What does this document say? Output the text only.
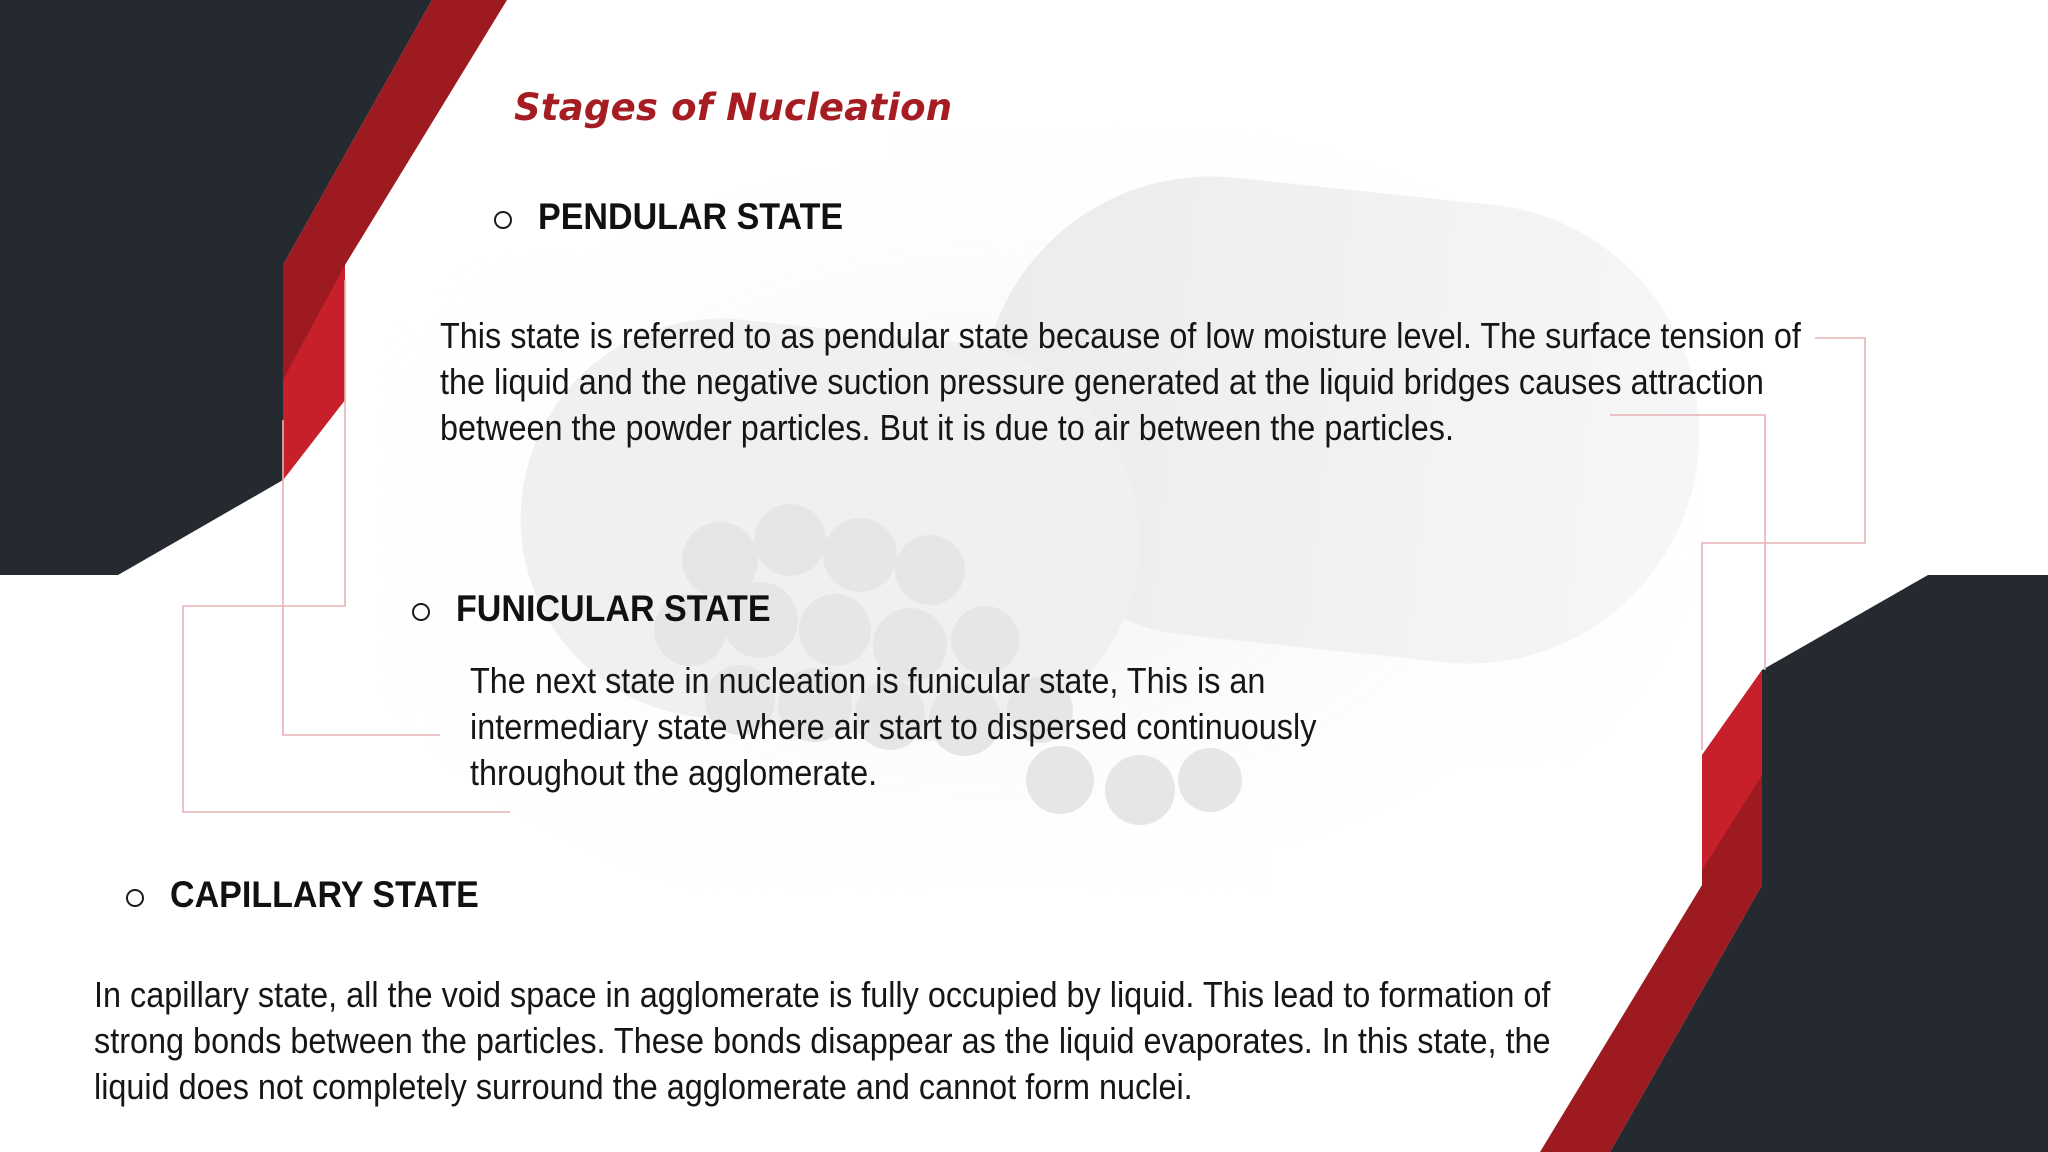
Stages of Nucleation
PENDULAR STATE

This state is referred to as pendular state because of low moisture level. The surface tension of the liquid and the negative suction pressure generated at the liquid bridges causes attraction between the powder particles. But it is due to air between the particles.

FUNICULAR STATE

The next state in nucleation is funicular state, This is an intermediary state where air start to dispersed continuously throughout the agglomerate.

CAPILLARY STATE

In capillary state, all the void space in agglomerate is fully occupied by liquid. This lead to formation of strong bonds between the particles. These bonds disappear as the liquid evaporates. In this state, the liquid does not completely surround the agglomerate and cannot form nuclei.
